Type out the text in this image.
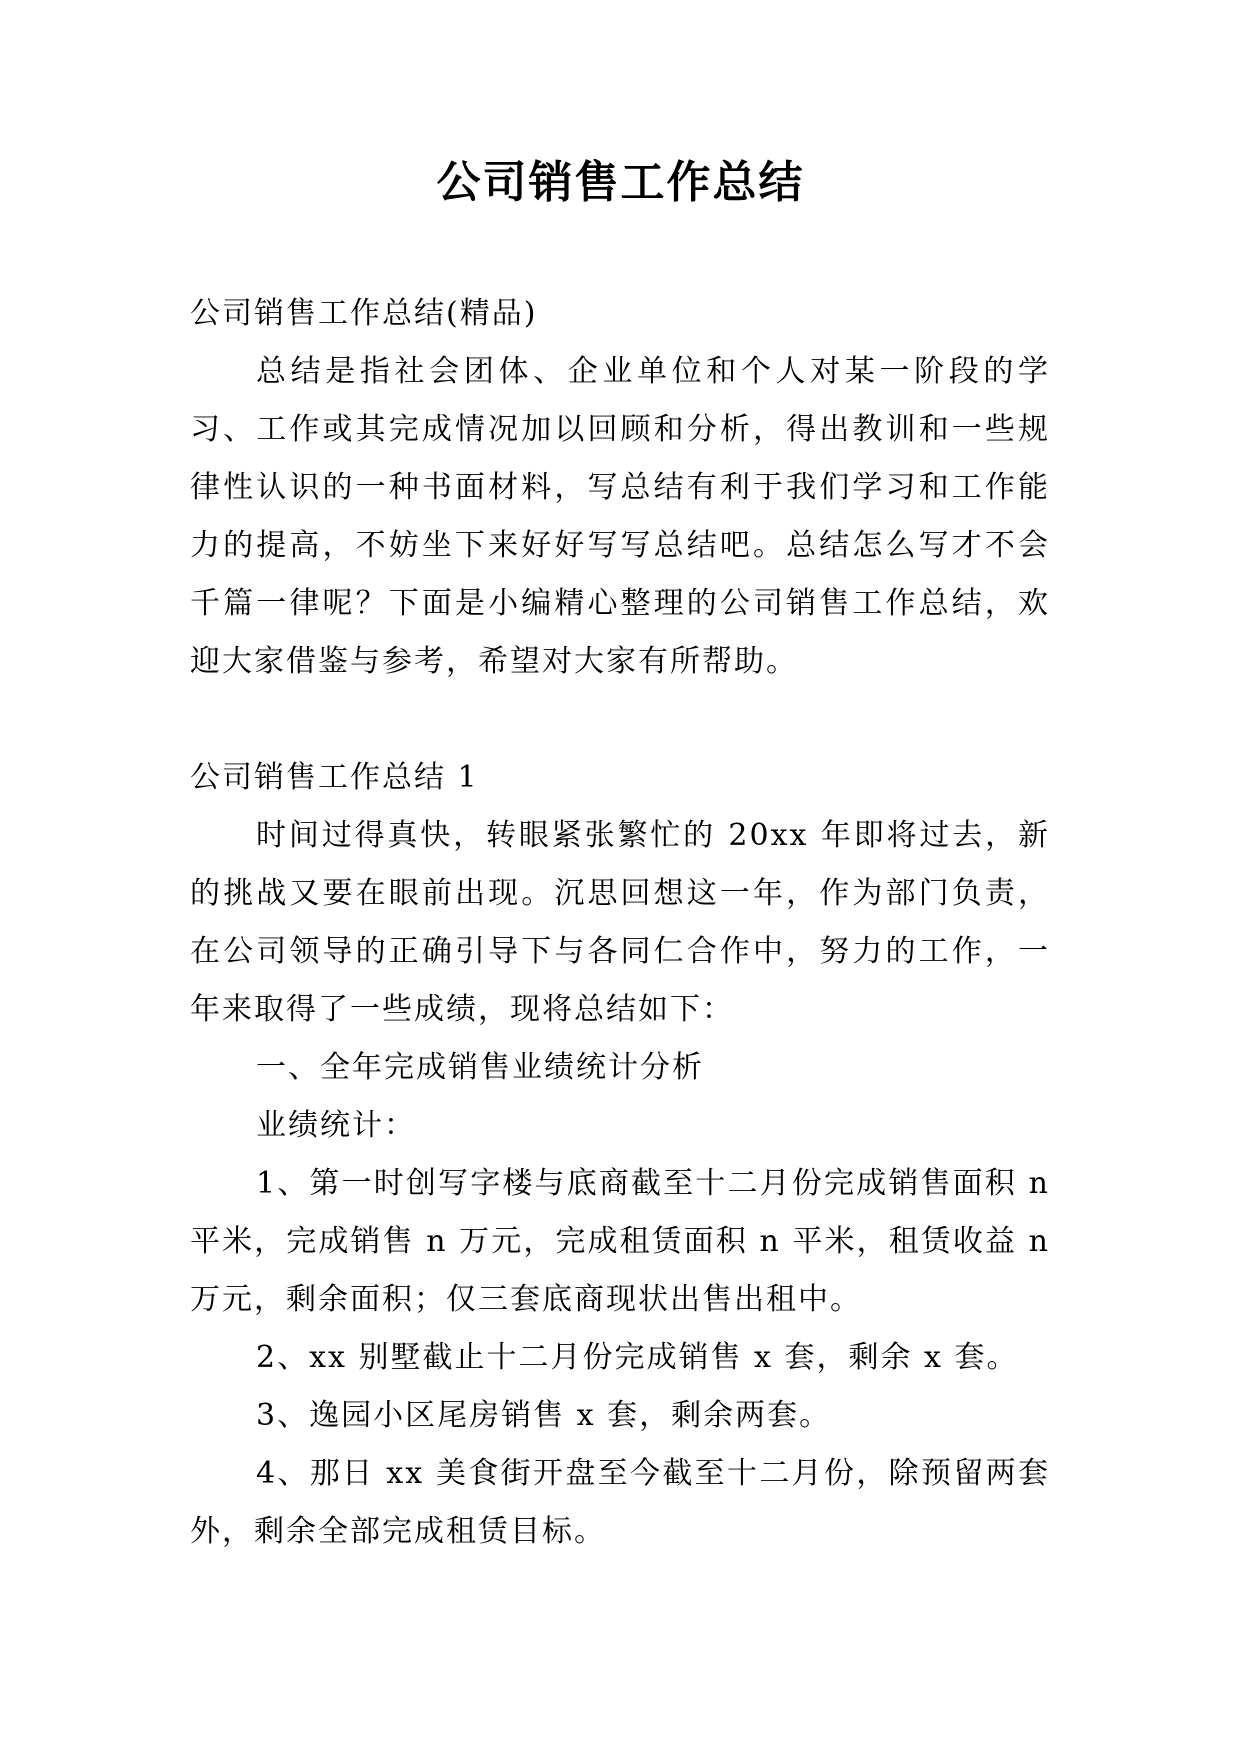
公司销售工作总结

公司销售工作总结(精品)

总结是指社会团体、企业单位和个人对某一阶段的学习、工作或其完成情况加以回顾和分析，得出教训和一些规律性认识的一种书面材料，写总结有利于我们学习和工作能力的提高，不妨坐下来好好写写总结吧。总结怎么写才不会千篇一律呢？下面是小编精心整理的公司销售工作总结，欢迎大家借鉴与参考，希望对大家有所帮助。

公司销售工作总结 1

时间过得真快，转眼紧张繁忙的 20xx 年即将过去，新的挑战又要在眼前出现。沉思回想这一年，作为部门负责，在公司领导的正确引导下与各同仁合作中，努力的工作，一年来取得了一些成绩，现将总结如下：

一、全年完成销售业绩统计分析

业绩统计：

1、第一时创写字楼与底商截至十二月份完成销售面积 n 平米，完成销售 n 万元，完成租赁面积 n 平米，租赁收益 n 万元，剩余面积；仅三套底商现状出售出租中。

2、xx 别墅截止十二月份完成销售 x 套，剩余 x 套。

3、逸园小区尾房销售 x 套，剩余两套。

4、那日 xx 美食街开盘至今截至十二月份，除预留两套外，剩余全部完成租赁目标。
